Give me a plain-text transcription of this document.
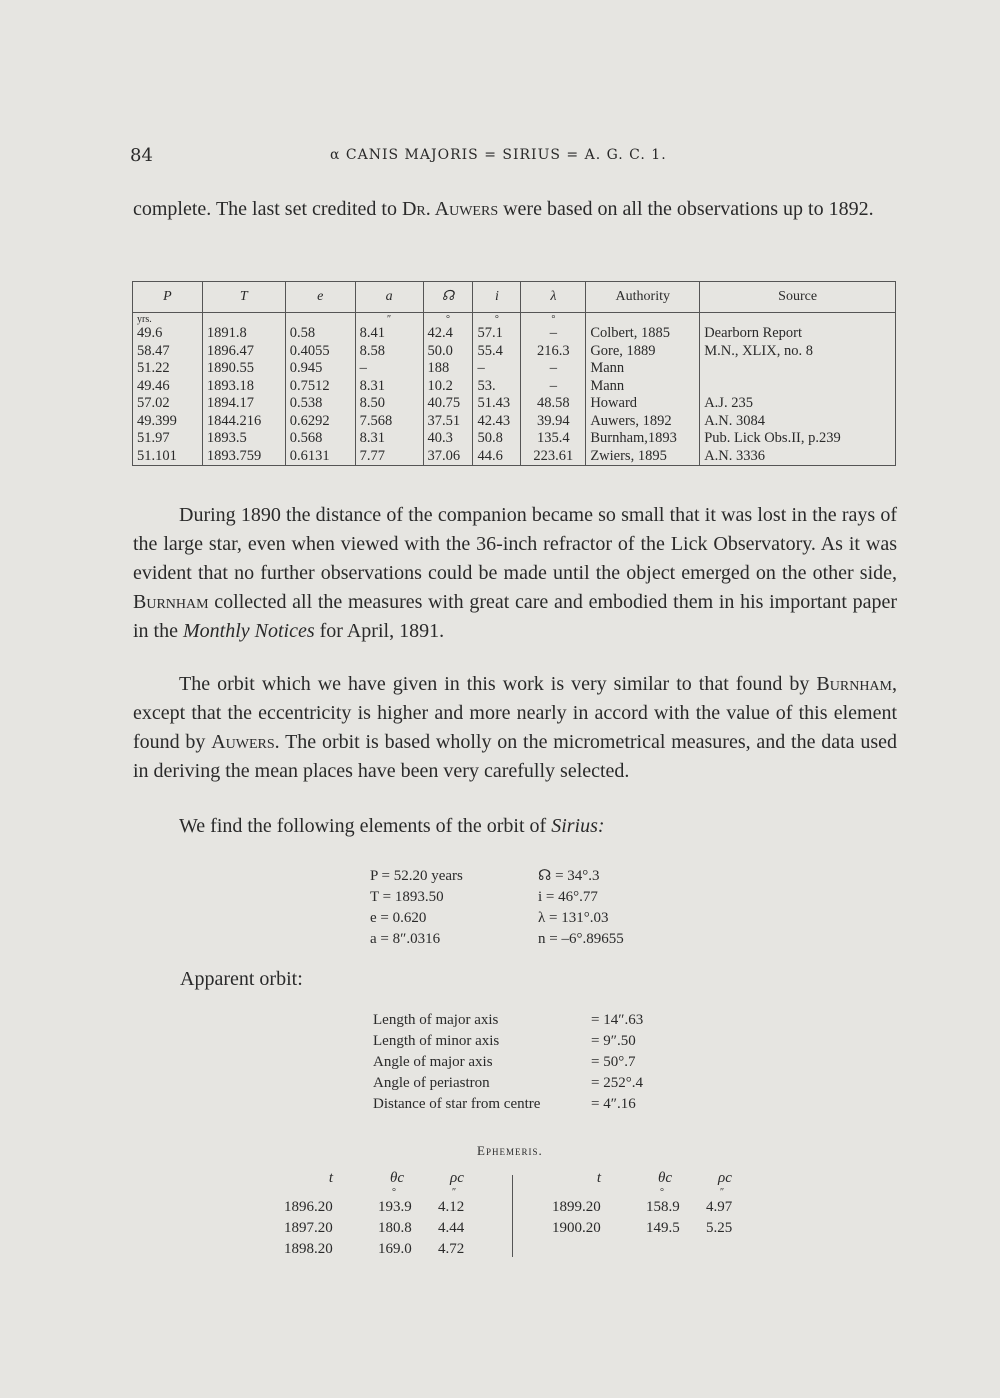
84	α CANIS MAJORIS = SIRIUS = A. G. C. 1.

complete. The last set credited to Dr. Auwers were based on all the observations up to 1892.

P	T	e	a	☊	i	λ	Authority	Source
yrs.			″	°	°	°		
49.6	1891.8	0.58	8.41	42.4	57.1	–	Colbert, 1885	Dearborn Report
58.47	1896.47	0.4055	8.58	50.0	55.4	216.3	Gore, 1889	M.N., XLIX, no. 8
51.22	1890.55	0.945	–	188	–	–	Mann	
49.46	1893.18	0.7512	8.31	10.2	53.	–	Mann	
57.02	1894.17	0.538	8.50	40.75	51.43	48.58	Howard	A.J. 235
49.399	1844.216	0.6292	7.568	37.51	42.43	39.94	Auwers, 1892	A.N. 3084
51.97	1893.5	0.568	8.31	40.3	50.8	135.4	Burnham,1893	Pub. Lick Obs.II, p.239
51.101	1893.759	0.6131	7.77	37.06	44.6	223.61	Zwiers, 1895	A.N. 3336

During 1890 the distance of the companion became so small that it was lost in the rays of the large star, even when viewed with the 36-inch refractor of the Lick Observatory. As it was evident that no further observations could be made until the object emerged on the other side, Burnham collected all the measures with great care and embodied them in his important paper in the Monthly Notices for April, 1891.

The orbit which we have given in this work is very similar to that found by Burnham, except that the eccentricity is higher and more nearly in accord with the value of this element found by Auwers. The orbit is based wholly on the micrometrical measures, and the data used in deriving the mean places have been very carefully selected.

We find the following elements of the orbit of Sirius:

P = 52.20 years	☊ = 34°.3
T = 1893.50	i = 46°.77
e = 0.620	λ = 131°.03
a = 8″.0316	n = –6°.89655
Apparent orbit:
Length of major axis	= 14″.63
Length of minor axis	= 9″.50
Angle of major axis	= 50°.7
Angle of periastron	= 252°.4
Distance of star from centre	= 4″.16
Ephemeris.
t	θc	ρc
°	″
1896.20	193.9	4.12
1897.20	180.8	4.44
1898.20	169.0	4.72
t	θc	ρc
°	″
1899.20	158.9	4.97
1900.20	149.5	5.25
